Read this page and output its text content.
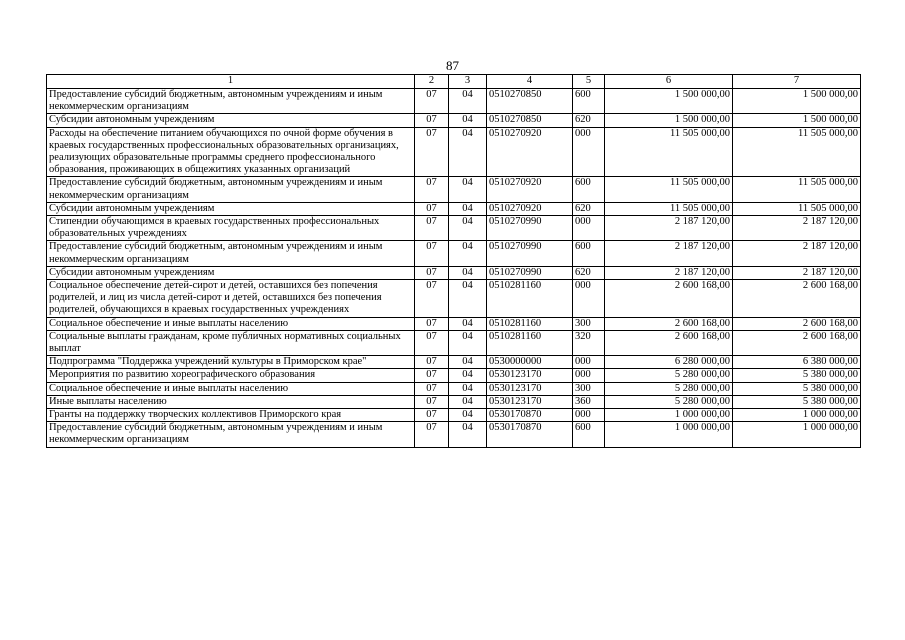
87
1	2	3	4	5	6	7
Предоставление субсидий бюджетным, автономным учреждениям и иным некоммерческим организациям	07	04	0510270850	600	1 500 000,00	1 500 000,00
Субсидии автономным учреждениям	07	04	0510270850	620	1 500 000,00	1 500 000,00
Расходы на обеспечение питанием обучающихся по очной форме обучения в краевых государственных профессиональных образовательных организациях, реализующих образовательные программы среднего профессионального образования, проживающих в общежитиях указанных организаций	07	04	0510270920	000	11 505 000,00	11 505 000,00
Предоставление субсидий бюджетным, автономным учреждениям и иным некоммерческим организациям	07	04	0510270920	600	11 505 000,00	11 505 000,00
Субсидии автономным учреждениям	07	04	0510270920	620	11 505 000,00	11 505 000,00
Стипендии обучающимся в краевых государственных профессиональных образовательных учреждениях	07	04	0510270990	000	2 187 120,00	2 187 120,00
Предоставление субсидий бюджетным, автономным учреждениям и иным некоммерческим организациям	07	04	0510270990	600	2 187 120,00	2 187 120,00
Субсидии автономным учреждениям	07	04	0510270990	620	2 187 120,00	2 187 120,00
Социальное обеспечение детей-сирот и детей, оставшихся без попечения родителей, и лиц из числа детей-сирот и детей, оставшихся без попечения родителей, обучающихся в краевых государственных учреждениях	07	04	0510281160	000	2 600 168,00	2 600 168,00
Социальное обеспечение и иные выплаты населению	07	04	0510281160	300	2 600 168,00	2 600 168,00
Социальные выплаты гражданам, кроме публичных нормативных социальных выплат	07	04	0510281160	320	2 600 168,00	2 600 168,00
Подпрограмма "Поддержка учреждений культуры в Приморском крае"	07	04	0530000000	000	6 280 000,00	6 380 000,00
Мероприятия по развитию хореографического образования	07	04	0530123170	000	5 280 000,00	5 380 000,00
Социальное обеспечение и иные выплаты населению	07	04	0530123170	300	5 280 000,00	5 380 000,00
Иные выплаты населению	07	04	0530123170	360	5 280 000,00	5 380 000,00
Гранты на поддержку творческих коллективов Приморского края	07	04	0530170870	000	1 000 000,00	1 000 000,00
Предоставление субсидий бюджетным, автономным учреждениям и иным некоммерческим организациям	07	04	0530170870	600	1 000 000,00	1 000 000,00
